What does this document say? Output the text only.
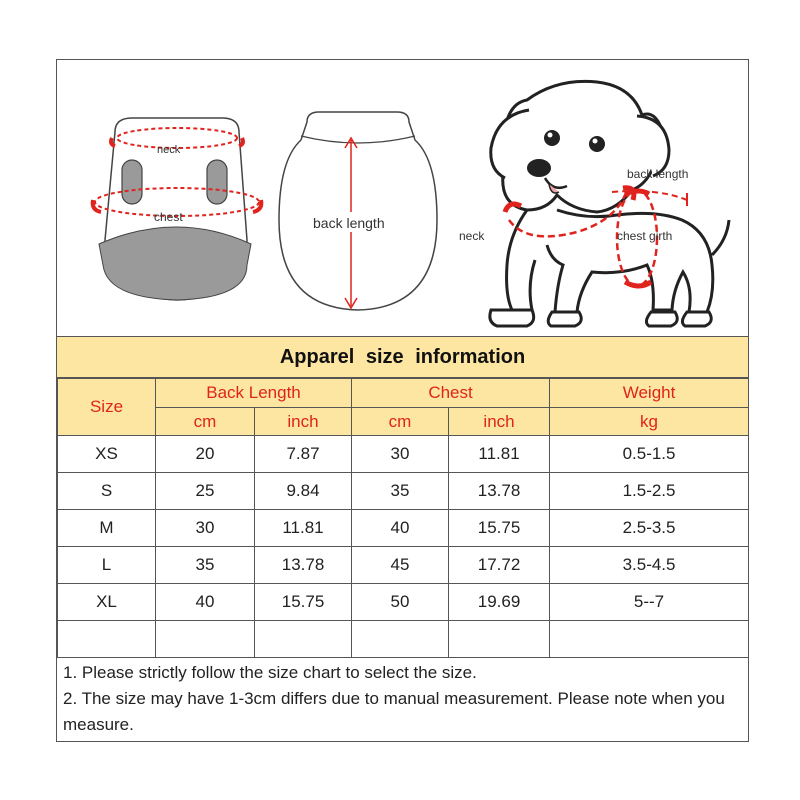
neck
chest	back length
back length
neck	chest girth
Apparel size information
Size	Back Length		Chest		Weight
	cm	inch	cm	inch	kg
XS	20	7.87	30	11.81	0.5-1.5
S	25	9.84	35	13.78	1.5-2.5
M	30	11.81	40	15.75	2.5-3.5
L	35	13.78	45	17.72	3.5-4.5
XL	40	15.75	50	19.69	5--7

1. Please strictly follow the size chart to select the size.
2. The size may have 1-3cm differs due to manual measurement. Please note when you measure.
